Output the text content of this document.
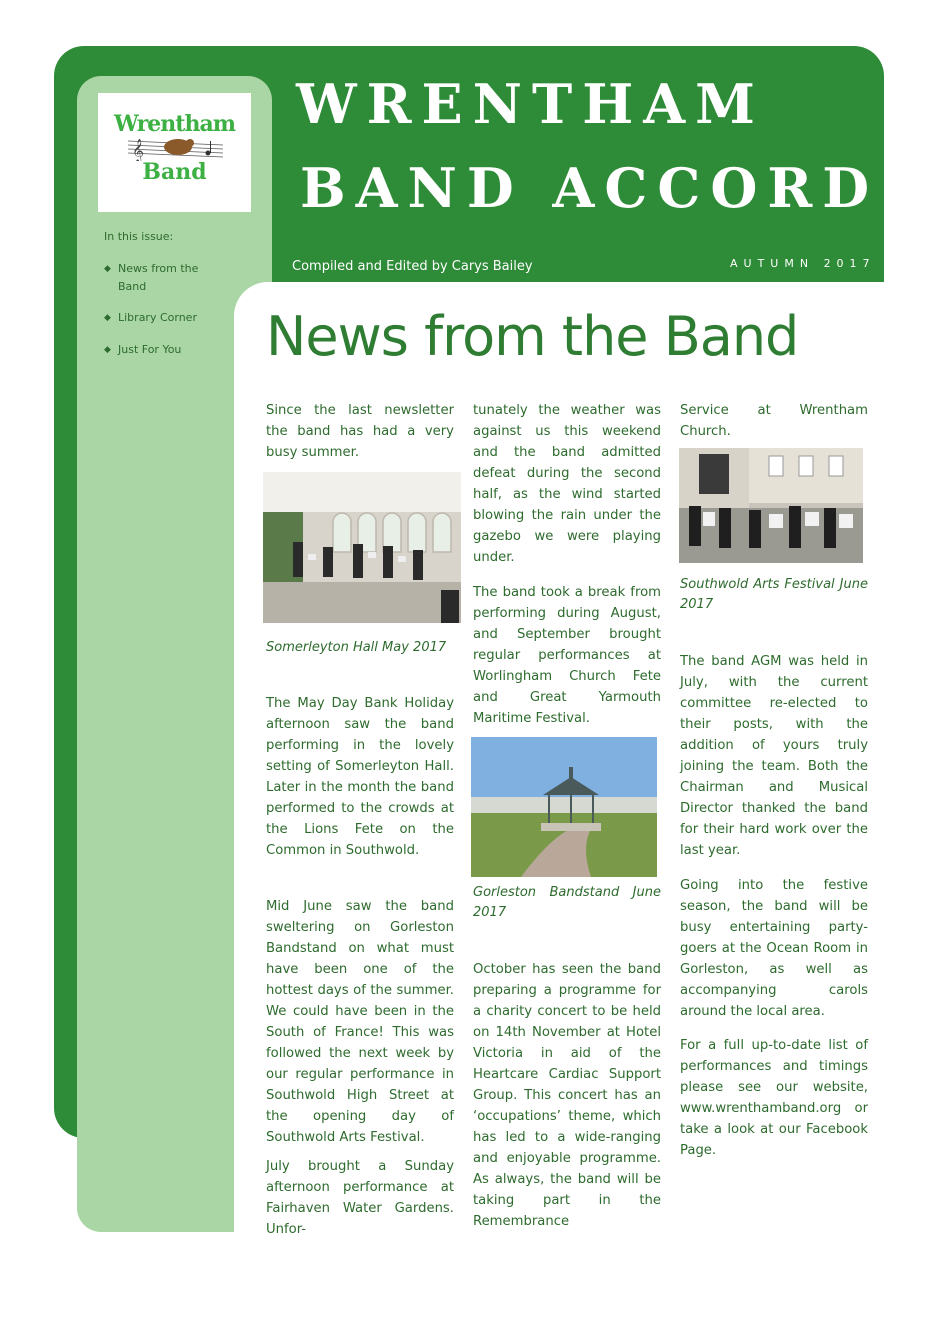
Wrentham
𝄞
Band
In this issue:
◆ News from the Band
◆ Library Corner
◆ Just For You
WRENTHAM
BAND ACCORD
Compiled and Edited by Carys Bailey	AUTUMN 2017
News from the Band
Since the last newsletter the band has had a very busy summer.
Somerleyton Hall May 2017
The May Day Bank Holiday afternoon saw the band performing in the lovely setting of Somerleyton Hall. Later in the month the band performed to the crowds at the Lions Fete on the Common in Southwold.
Mid June saw the band sweltering on Gorleston Bandstand on what must have been one of the hottest days of the summer. We could have been in the South of France! This was followed the next week by our regular performance in Southwold High Street at the opening day of Southwold Arts Festival.
July brought a Sunday afternoon performance at Fairhaven Water Gardens. Unfor-
tunately the weather was against us this weekend and the band admitted defeat during the second half, as the wind started blowing the rain under the gazebo we were playing under.
The band took a break from performing during August, and September brought regular performances at Worlingham Church Fete and Great Yarmouth Maritime Festival.
Gorleston Bandstand June 2017
October has seen the band preparing a programme for a charity concert to be held on 14th November at Hotel Victoria in aid of the Heartcare Cardiac Support Group. This concert has an ‘occupations’ theme, which has led to a wide-ranging and enjoyable programme. As always, the band will be taking part in the Remembrance
Service at Wrentham Church.
Southwold Arts Festival June 2017
The band AGM was held in July, with the current committee re-elected to their posts, with the addition of yours truly joining the team. Both the Chairman and Musical Director thanked the band for their hard work over the last year.
Going into the festive season, the band will be busy entertaining party-goers at the Ocean Room in Gorleston, as well as accompanying carols around the local area.
For a full up-to-date list of performances and timings please see our website, www.wrenthamband.org or take a look at our Facebook Page.
